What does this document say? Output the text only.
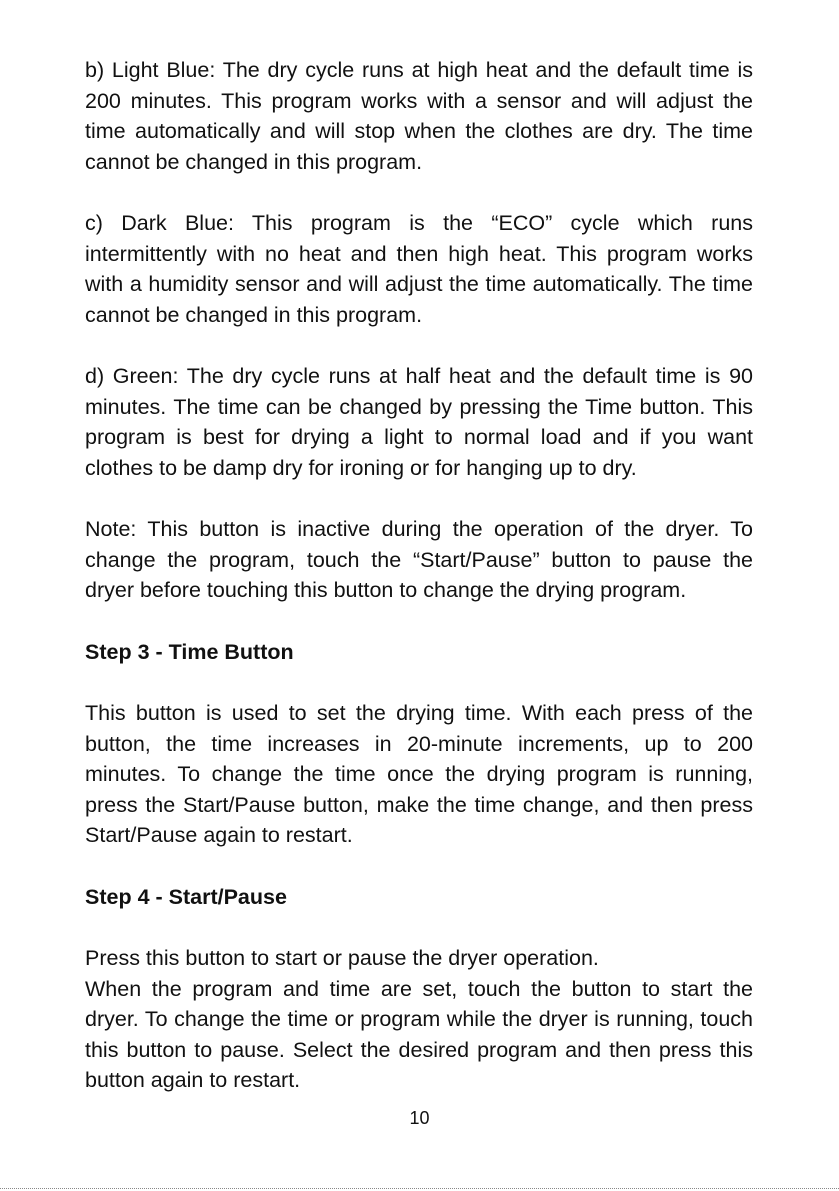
b) Light Blue: The dry cycle runs at high heat and the default time is 200 minutes. This program works with a sensor and will adjust the time automatically and will stop when the clothes are dry. The time cannot be changed in this program.

c) Dark Blue: This program is the “ECO” cycle which runs intermittently with no heat and then high heat. This program works with a humidity sensor and will adjust the time automatically. The time cannot be changed in this program.

d) Green: The dry cycle runs at half heat and the default time is 90 minutes. The time can be changed by pressing the Time button. This program is best for drying a light to normal load and if you want clothes to be damp dry for ironing or for hanging up to dry.

Note: This button is inactive during the operation of the dryer. To change the program, touch the “Start/Pause” button to pause the dryer before touching this button to change the drying program.

Step 3 - Time Button

This button is used to set the drying time. With each press of the button, the time increases in 20-minute increments, up to 200 minutes. To change the time once the drying program is running, press the Start/Pause button, make the time change, and then press Start/Pause again to restart.

Step 4 - Start/Pause

Press this button to start or pause the dryer operation.

When the program and time are set, touch the button to start the dryer. To change the time or program while the dryer is running, touch this button to pause. Select the desired program and then press this button again to restart.

10
